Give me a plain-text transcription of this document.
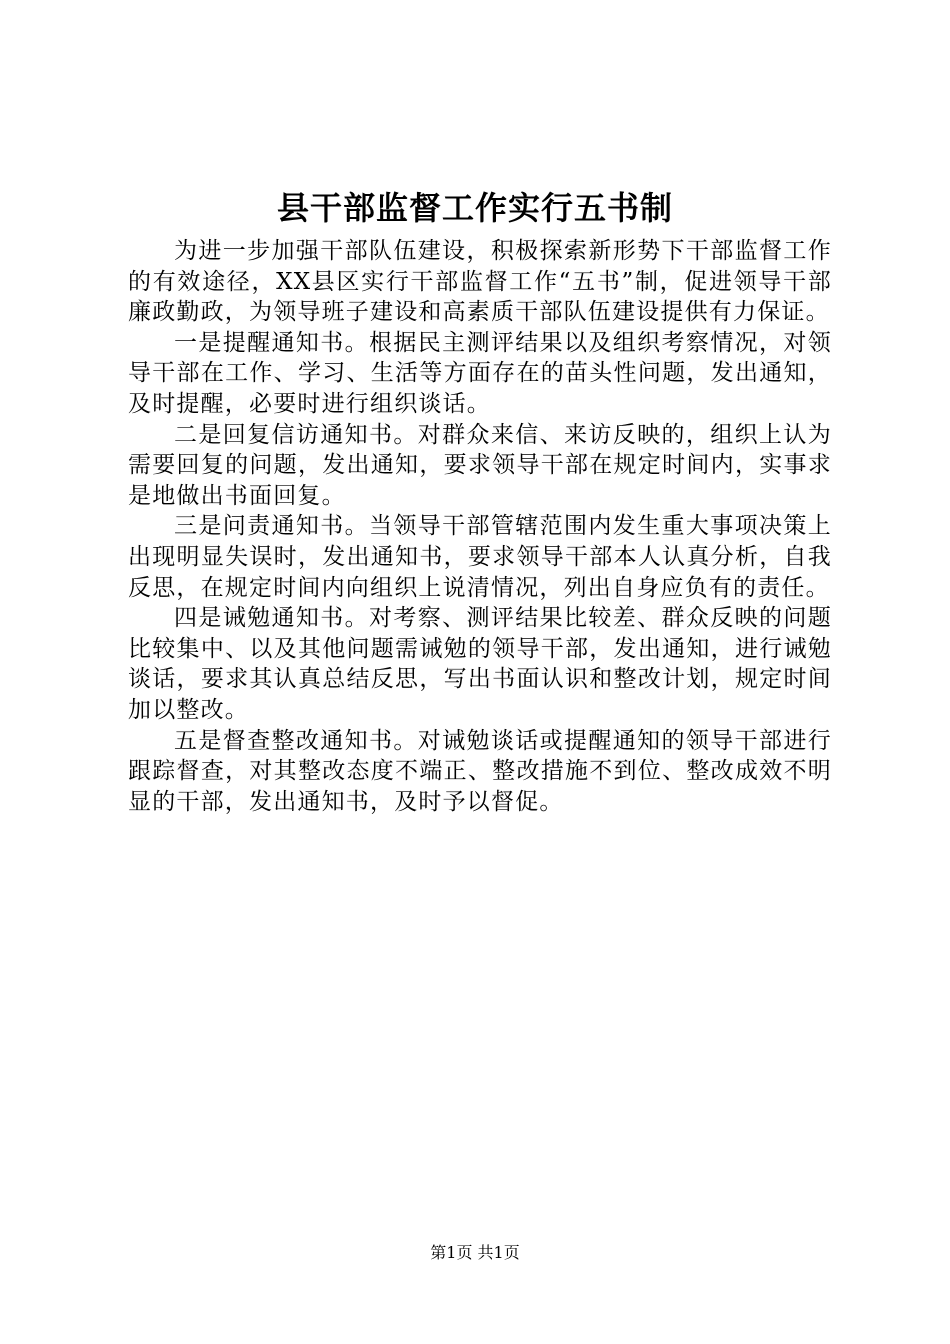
县干部监督工作实行五书制

为进一步加强干部队伍建设，积极探索新形势下干部监督工作的有效途径，XX县区实行干部监督工作“五书”制，促进领导干部廉政勤政，为领导班子建设和高素质干部队伍建设提供有力保证。

一是提醒通知书。根据民主测评结果以及组织考察情况，对领导干部在工作、学习、生活等方面存在的苗头性问题，发出通知，及时提醒，必要时进行组织谈话。

二是回复信访通知书。对群众来信、来访反映的，组织上认为需要回复的问题，发出通知，要求领导干部在规定时间内，实事求是地做出书面回复。

三是问责通知书。当领导干部管辖范围内发生重大事项决策上出现明显失误时，发出通知书，要求领导干部本人认真分析，自我反思，在规定时间内向组织上说清情况，列出自身应负有的责任。

四是诫勉通知书。对考察、测评结果比较差、群众反映的问题比较集中、以及其他问题需诫勉的领导干部，发出通知，进行诫勉谈话，要求其认真总结反思，写出书面认识和整改计划，规定时间加以整改。

五是督查整改通知书。对诫勉谈话或提醒通知的领导干部进行跟踪督查，对其整改态度不端正、整改措施不到位、整改成效不明显的干部，发出通知书，及时予以督促。

第1页 共1页
